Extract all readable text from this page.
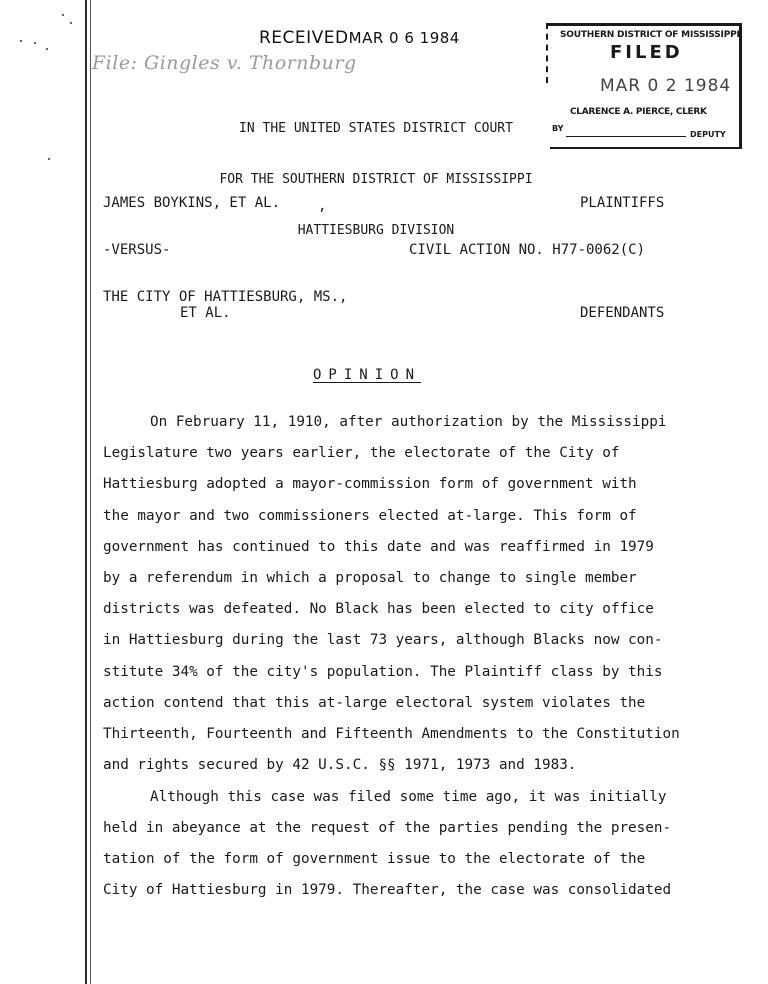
RECEIVEDMAR 0 6 1984
File: Gingles v. Thornburg

IN THE UNITED STATES DISTRICT COURT

FOR THE SOUTHERN DISTRICT OF MISSISSIPPI

HATTIESBURG DIVISION

SOUTHERN DISTRICT OF MISSISSIPPI
FILED
MAR 0 2 1984
CLARENCE A. PIERCE, CLERK
BY
DEPUTY
JAMES BOYKINS, ET AL.	,	PLAINTIFFS
-VERSUS-	CIVIL ACTION NO. H77-0062(C)
THE CITY OF HATTIESBURG, MS.,
ET AL.	DEFENDANTS
OPINION
On February 11, 1910, after authorization by the Mississippi
Legislature two years earlier, the electorate of the City of
Hattiesburg adopted a mayor-commission form of government with
the mayor and two commissioners elected at-large. This form of
government has continued to this date and was reaffirmed in 1979
by a referendum in which a proposal to change to single member
districts was defeated. No Black has been elected to city office
in Hattiesburg during the last 73 years, although Blacks now con-
stitute 34% of the city's population. The Plaintiff class by this
action contend that this at-large electoral system violates the
Thirteenth, Fourteenth and Fifteenth Amendments to the Constitution
and rights secured by 42 U.S.C. §§ 1971, 1973 and 1983.
Although this case was filed some time ago, it was initially
held in abeyance at the request of the parties pending the presen-
tation of the form of government issue to the electorate of the
City of Hattiesburg in 1979. Thereafter, the case was consolidated
